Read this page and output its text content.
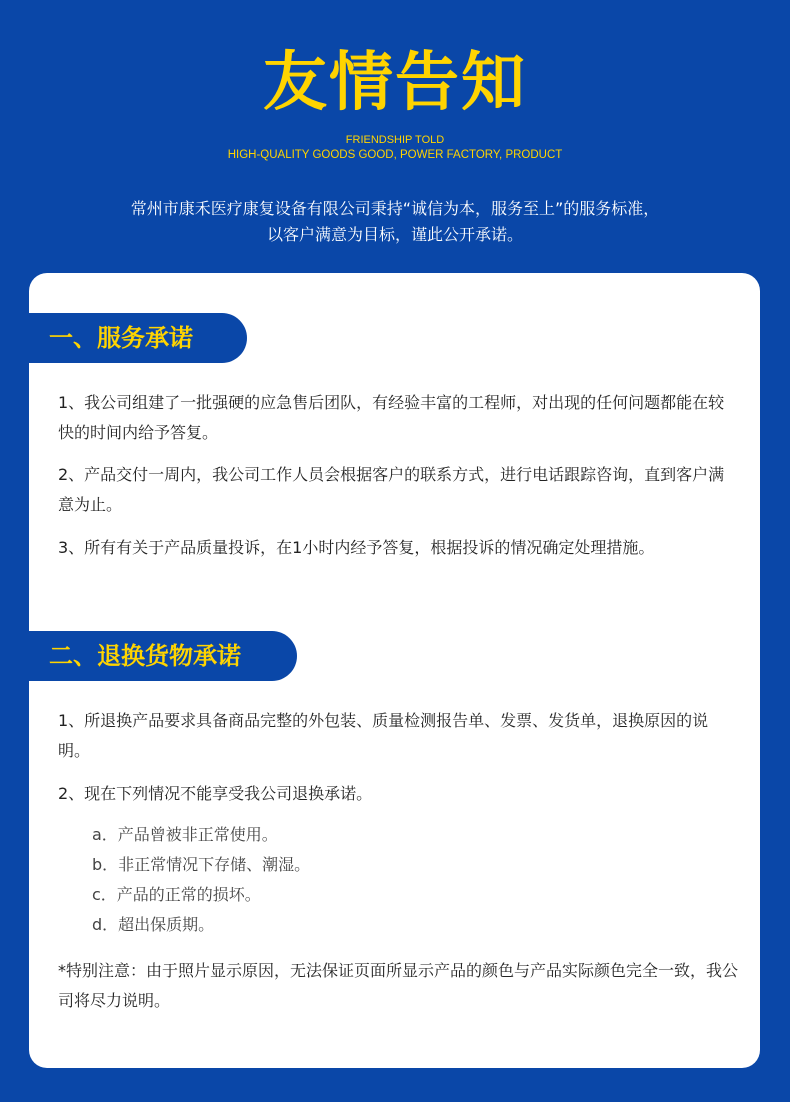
友情告知
FRIENDSHIP TOLD
HIGH-QUALITY GOODS GOOD, POWER FACTORY, PRODUCT
常州市康禾医疗康复设备有限公司秉持“诚信为本，服务至上”的服务标准，
以客户满意为目标，谨此公开承诺。
一、服务承诺
1、我公司组建了一批强硬的应急售后团队，有经验丰富的工程师，对出现的任何问题都能在较快的时间内给予答复。
2、产品交付一周内，我公司工作人员会根据客户的联系方式，进行电话跟踪咨询，直到客户满意为止。
3、所有有关于产品质量投诉，在1小时内经予答复，根据投诉的情况确定处理措施。
二、退换货物承诺
1、所退换产品要求具备商品完整的外包装、质量检测报告单、发票、发货单，退换原因的说明。
2、现在下列情况不能享受我公司退换承诺。
a．产品曾被非正常使用。
b．非正常情况下存储、潮湿。
c．产品的正常的损坏。
d．超出保质期。
*特别注意：由于照片显示原因，无法保证页面所显示产品的颜色与产品实际颜色完全一致，我公司将尽力说明。
